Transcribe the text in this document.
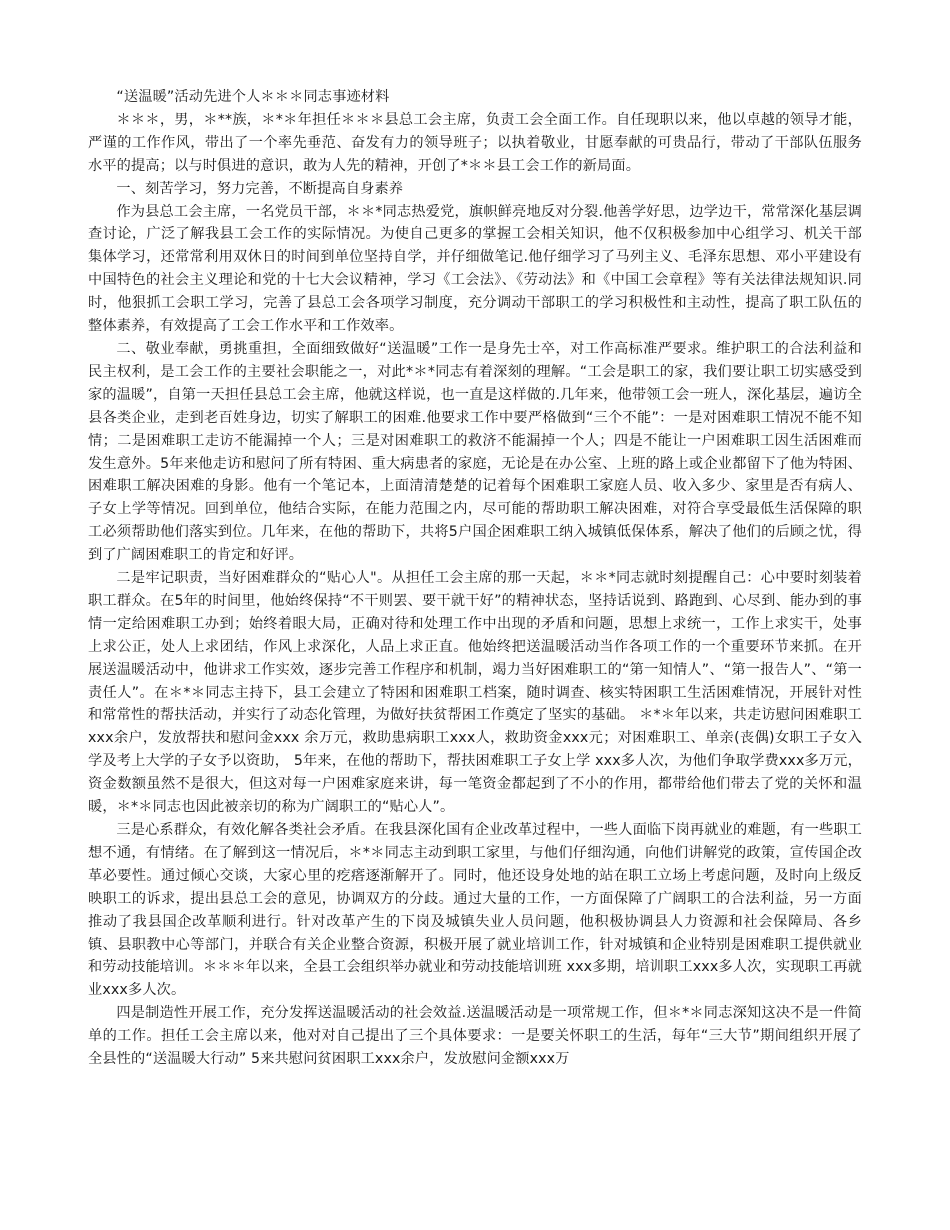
“送温暖”活动先进个人＊＊＊同志事迹材料

＊＊＊，男，＊**族，＊*＊年担任＊＊＊县总工会主席，负责工会全面工作。自任现职以来，他以卓越的领导才能，严谨的工作作风，带出了一个率先垂范、奋发有力的领导班子；以执着敬业，甘愿奉献的可贵品行，带动了干部队伍服务水平的提高；以与时俱进的意识，敢为人先的精神，开创了*＊＊县工会工作的新局面。

一、刻苦学习，努力完善，不断提高自身素养

作为县总工会主席，一名党员干部，＊＊*同志热爱党，旗帜鲜亮地反对分裂.他善学好思，边学边干，常常深化基层调查讨论，广泛了解我县工会工作的实际情况。为使自己更多的掌握工会相关知识，他不仅积极参加中心组学习、机关干部集体学习，还常常利用双休日的时间到单位坚持自学，并仔细做笔记.他仔细学习了马列主义、毛泽东思想、邓小平建设有中国特色的社会主义理论和党的十七大会议精神，学习《工会法》、《劳动法》和《中国工会章程》等有关法律法规知识.同时，他狠抓工会职工学习，完善了县总工会各项学习制度，充分调动干部职工的学习积极性和主动性，提高了职工队伍的整体素养，有效提高了工会工作水平和工作效率。

二、敬业奉献，勇挑重担，全面细致做好“送温暖”工作一是身先士卒，对工作高标准严要求。维护职工的合法利益和民主权利，是工会工作的主要社会职能之一，对此*＊*同志有着深刻的理解。“工会是职工的家，我们要让职工切实感受到家的温暖”，自第一天担任县总工会主席，他就这样说，也一直是这样做的.几年来，他带领工会一班人，深化基层，遍访全县各类企业，走到老百姓身边，切实了解职工的困难.他要求工作中要严格做到“三个不能”：一是对困难职工情况不能不知情；二是困难职工走访不能漏掉一个人；三是对困难职工的救济不能漏掉一个人；四是不能让一户困难职工因生活困难而发生意外。5年来他走访和慰问了所有特困、重大病患者的家庭，无论是在办公室、上班的路上或企业都留下了他为特困、困难职工解决困难的身影。他有一个笔记本，上面清清楚楚的记着每个困难职工家庭人员、收入多少、家里是否有病人、子女上学等情况。回到单位，他结合实际，在能力范围之内，尽可能的帮助职工解决困难，对符合享受最低生活保障的职工必须帮助他们落实到位。几年来，在他的帮助下，共将5户国企困难职工纳入城镇低保体系，解决了他们的后顾之忧，得到了广阔困难职工的肯定和好评。

二是牢记职责，当好困难群众的“贴心人"。从担任工会主席的那一天起，＊＊*同志就时刻提醒自己：心中要时刻装着职工群众。在5年的时间里，他始终保持“不干则罢、要干就干好”的精神状态，坚持话说到、路跑到、心尽到、能办到的事情一定给困难职工办到；始终着眼大局，正确对待和处理工作中出现的矛盾和问题，思想上求统一，工作上求实干，处事上求公正，处人上求团结，作风上求深化，人品上求正直。他始终把送温暖活动当作各项工作的一个重要环节来抓。在开展送温暖活动中，他讲求工作实效，逐步完善工作程序和机制，竭力当好困难职工的“第一知情人”、“第一报告人”、“第一责任人”。在＊*＊同志主持下，县工会建立了特困和困难职工档案，随时调查、核实特困职工生活困难情况，开展针对性和常常性的帮扶活动，并实行了动态化管理，为做好扶贫帮困工作奠定了坚实的基础。 ＊*＊年以来，共走访慰问困难职工xxx余户，发放帮扶和慰问金xxx 余万元，救助患病职工xxx人，救助资金xxx元；对困难职工、单亲(丧偶)女职工子女入学及考上大学的子女予以资助， 5年来，在他的帮助下，帮扶困难职工子女上学 xxx多人次，为他们争取学费xxx多万元，资金数额虽然不是很大，但这对每一户困难家庭来讲，每一笔资金都起到了不小的作用，都带给他们带去了党的关怀和温暖，＊*＊同志也因此被亲切的称为广阔职工的“贴心人”。

三是心系群众，有效化解各类社会矛盾。在我县深化国有企业改革过程中，一些人面临下岗再就业的难题，有一些职工想不通，有情绪。在了解到这一情况后，＊*＊同志主动到职工家里，与他们仔细沟通，向他们讲解党的政策，宣传国企改革必要性。通过倾心交谈，大家心里的疙瘩逐渐解开了。同时，他还设身处地的站在职工立场上考虑问题，及时向上级反映职工的诉求，提出县总工会的意见，协调双方的分歧。通过大量的工作，一方面保障了广阔职工的合法利益，另一方面推动了我县国企改革顺利进行。针对改革产生的下岗及城镇失业人员问题，他积极协调县人力资源和社会保障局、各乡镇、县职教中心等部门，并联合有关企业整合资源，积极开展了就业培训工作，针对城镇和企业特别是困难职工提供就业和劳动技能培训。＊＊＊年以来，全县工会组织举办就业和劳动技能培训班 xxx多期，培训职工xxx多人次，实现职工再就业xxx多人次。

四是制造性开展工作，充分发挥送温暖活动的社会效益.送温暖活动是一项常规工作，但＊*＊同志深知这决不是一件简单的工作。担任工会主席以来，他对对自己提出了三个具体要求：一是要关怀职工的生活，每年“三大节”期间组织开展了全县性的“送温暖大行动” 5来共慰问贫困职工xxx余户，发放慰问金额xxx万
